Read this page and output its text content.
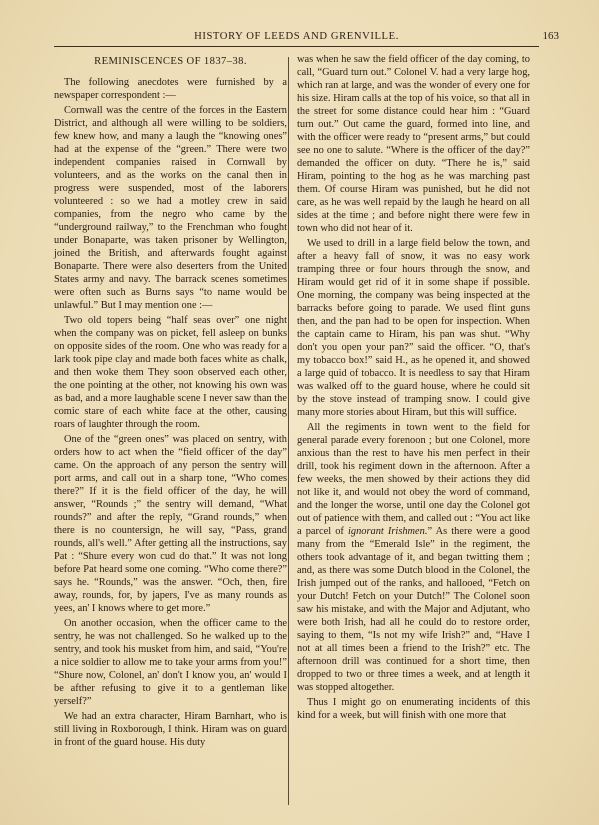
HISTORY OF LEEDS AND GRENVILLE.	163
REMINISCENCES OF 1837–38.

The following anecdotes were furnished by a newspaper correspondent :—

Cornwall was the centre of the forces in the Eastern District, and although all were willing to be soldiers, few knew how, and many a laugh the “knowing ones” had at the expense of the “green.” There were two independent companies raised in Cornwall by volunteers, and as the works on the canal then in progress were suspended, most of the laborers volunteered : so we had a motley crew in said companies, from the negro who came by the “underground railway,” to the Frenchman who fought under Bonaparte, was taken prisoner by Wellington, joined the British, and afterwards fought against Bonaparte. There were also deserters from the United States army and navy. The barrack scenes sometimes were often such as Burns says “to name would be unlawful.” But I may mention one :—

Two old topers being “half seas over” one night when the company was on picket, fell asleep on bunks on opposite sides of the room. One who was ready for a lark took pipe clay and made both faces white as chalk, and then woke them They soon observed each other, the one pointing at the other, not knowing his own was as bad, and a more laughable scene I never saw than the comic stare of each white face at the other, causing roars of laughter through the room.

One of the “green ones” was placed on sentry, with orders how to act when the “field officer of the day” came. On the approach of any person the sentry will port arms, and call out in a sharp tone, “Who comes there?” If it is the field officer of the day, he will answer, “Rounds ;” the sentry will demand, “What rounds?” and after the reply, “Grand rounds,” when there is no countersign, he will say, “Pass, grand rounds, all's well.” After getting all the instructions, say Pat : “Shure every won cud do that.” It was not long before Pat heard some one coming. “Who come there?” says he. “Rounds,” was the answer. “Och, then, fire away, rounds, for, by japers, I've as many rounds as yees, an' I knows where to get more.”

On another occasion, when the officer came to the sentry, he was not challenged. So he walked up to the sentry, and took his musket from him, and said, “You're a nice soldier to allow me to take your arms from you!” “Shure now, Colonel, an' don't I know you, an' would I be afther refusing to give it to a gentleman like yerself?”

We had an extra character, Hiram Barnhart, who is still living in Roxborough, I think. Hiram was on guard in front of the guard house. His duty

was when he saw the field officer of the day coming, to call, “Guard turn out.” Colonel V. had a very large hog, which ran at large, and was the wonder of every one for his size. Hiram calls at the top of his voice, so that all in the street for some distance could hear him : “Guard turn out.” Out came the guard, formed into line, and with the officer were ready to “present arms,” but could see no one to salute. “Where is the officer of the day?” demanded the officer on duty. “There he is,” said Hiram, pointing to the hog as he was marching past them. Of course Hiram was punished, but he did not care, as he was well repaid by the laugh he heard on all sides at the time ; and before night there were few in town who did not hear of it.

We used to drill in a large field below the town, and after a heavy fall of snow, it was no easy work tramping three or four hours through the snow, and Hiram would get rid of it in some shape if possible. One morning, the company was being inspected at the barracks before going to parade. We used flint guns then, and the pan had to be open for inspection. When the captain came to Hiram, his pan was shut. “Why don't you open your pan?” said the officer. “O, that's my tobacco box!” said H., as he opened it, and showed a large quid of tobacco. It is needless to say that Hiram was walked off to the guard house, where he could sit by the stove instead of tramping snow. I could give many more stories about Hiram, but this will suffice.

All the regiments in town went to the field for general parade every forenoon ; but one Colonel, more anxious than the rest to have his men perfect in their drill, took his regiment down in the afternoon. After a few weeks, the men showed by their actions they did not like it, and would not obey the word of command, and the longer the worse, until one day the Colonel got out of patience with them, and called out : “You act like a parcel of ignorant Irishmen.” As there were a good many from the “Emerald Isle” in the regiment, the others took advantage of it, and began twitting them ; and, as there was some Dutch blood in the Colonel, the Irish jumped out of the ranks, and hallooed, “Fetch on your Dutch! Fetch on your Dutch!” The Colonel soon saw his mistake, and with the Major and Adjutant, who were both Irish, had all he could do to restore order, saying to them, “Is not my wife Irish?” and, “Have I not at all times been a friend to the Irish?” etc. The afternoon drill was continued for a short time, then dropped to two or three times a week, and at length it was stopped altogether.

Thus I might go on enumerating incidents of this kind for a week, but will finish with one more that
